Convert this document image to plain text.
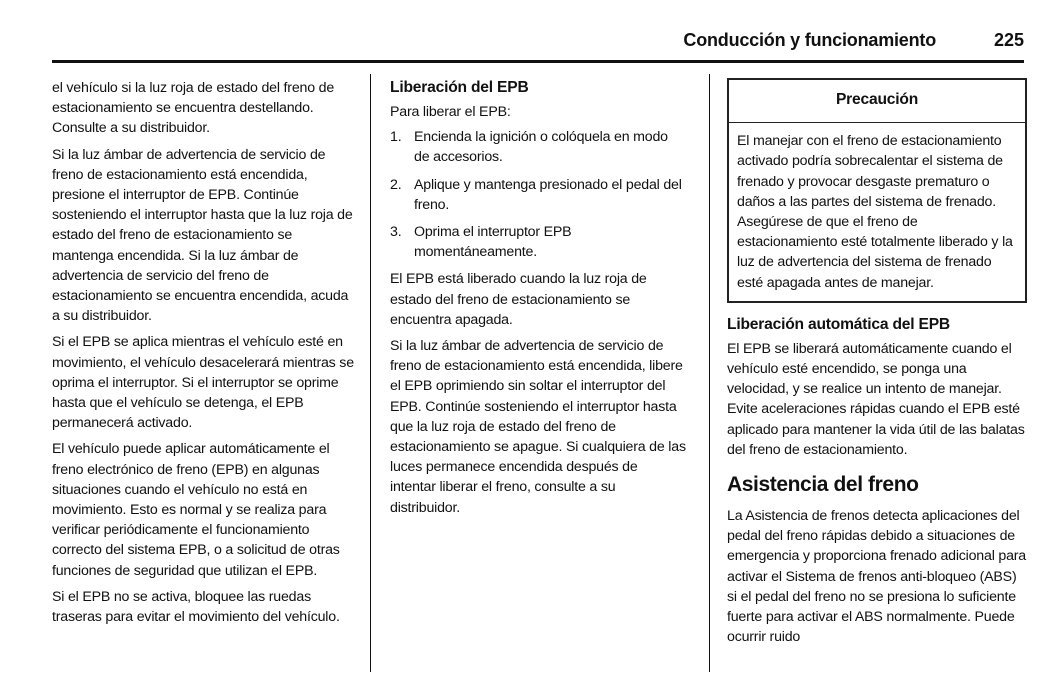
Conducción y funcionamiento	225

el vehículo si la luz roja de estado del freno de estacionamiento se encuentra destellando. Consulte a su distribuidor.

Si la luz ámbar de advertencia de servicio de freno de estacionamiento está encendida, presione el interruptor de EPB. Continúe sosteniendo el interruptor hasta que la luz roja de estado del freno de estacionamiento se mantenga encendida. Si la luz ámbar de advertencia de servicio del freno de estacionamiento se encuentra encendida, acuda a su distribuidor.

Si el EPB se aplica mientras el vehículo esté en movimiento, el vehículo desacelerará mientras se oprima el interruptor. Si el interruptor se oprime hasta que el vehículo se detenga, el EPB permanecerá activado.

El vehículo puede aplicar automáticamente el freno electrónico de freno (EPB) en algunas situaciones cuando el vehículo no está en movimiento. Esto es normal y se realiza para verificar periódicamente el funcionamiento correcto del sistema EPB, o a solicitud de otras funciones de seguridad que utilizan el EPB.

Si el EPB no se activa, bloquee las ruedas traseras para evitar el movimiento del vehículo.

Liberación del EPB

Para liberar el EPB:

1. Encienda la ignición o colóquela en modo de accesorios.
2. Aplique y mantenga presionado el pedal del freno.
3. Oprima el interruptor EPB momentáneamente.

El EPB está liberado cuando la luz roja de estado del freno de estacionamiento se encuentra apagada.

Si la luz ámbar de advertencia de servicio de freno de estacionamiento está encendida, libere el EPB oprimiendo sin soltar el interruptor del EPB. Continúe sosteniendo el interruptor hasta que la luz roja de estado del freno de estacionamiento se apague. Si cualquiera de las luces permanece encendida después de intentar liberar el freno, consulte a su distribuidor.

Precaución

El manejar con el freno de estacionamiento activado podría sobrecalentar el sistema de frenado y provocar desgaste prematuro o daños a las partes del sistema de frenado. Asegúrese de que el freno de estacionamiento esté totalmente liberado y la luz de advertencia del sistema de frenado esté apagada antes de manejar.

Liberación automática del EPB

El EPB se liberará automáticamente cuando el vehículo esté encendido, se ponga una velocidad, y se realice un intento de manejar. Evite aceleraciones rápidas cuando el EPB esté aplicado para mantener la vida útil de las balatas del freno de estacionamiento.

Asistencia del freno

La Asistencia de frenos detecta aplicaciones del pedal del freno rápidas debido a situaciones de emergencia y proporciona frenado adicional para activar el Sistema de frenos anti-bloqueo (ABS) si el pedal del freno no se presiona lo suficiente fuerte para activar el ABS normalmente. Puede ocurrir ruido
